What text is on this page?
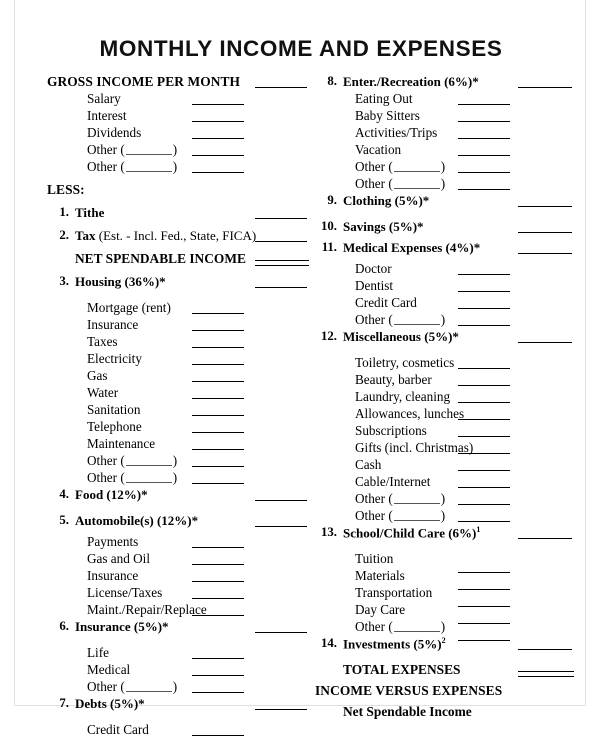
MONTHLY INCOME AND EXPENSES
GROSS INCOME PER MONTH
Salary
Interest
Dividends
Other (	)
Other (	)
LESS:
1. Tithe
2. Tax (Est. - Incl. Fed., State, FICA)
NET SPENDABLE INCOME
3. Housing (36%)*
Mortgage (rent)
Insurance
Taxes
Electricity
Gas
Water
Sanitation
Telephone
Maintenance
Other (	)
Other (	)
4. Food (12%)*
5. Automobile(s) (12%)*
Payments
Gas and Oil
Insurance
License/Taxes
Maint./Repair/Replace
6. Insurance (5%)*
Life
Medical
Other (	)
7. Debts (5%)*
Credit Card
8. Enter./Recreation (6%)*
Eating Out
Baby Sitters
Activities/Trips
Vacation
Other (	)
Other (	)
9. Clothing (5%)*
10. Savings (5%)*
11. Medical Expenses (4%)*
Doctor
Dentist
Credit Card
Other (	)
12. Miscellaneous (5%)*
Toiletry, cosmetics
Beauty, barber
Laundry, cleaning
Allowances, lunches
Subscriptions
Gifts (incl. Christmas)
Cash
Cable/Internet
Other (	)
Other (	)
13. School/Child Care $(6\%)^1$
Tuition
Materials
Transportation
Day Care
Other (	)
14. Investments $(5\%)^2$
TOTAL EXPENSES
INCOME VERSUS EXPENSES
Net Spendable Income
